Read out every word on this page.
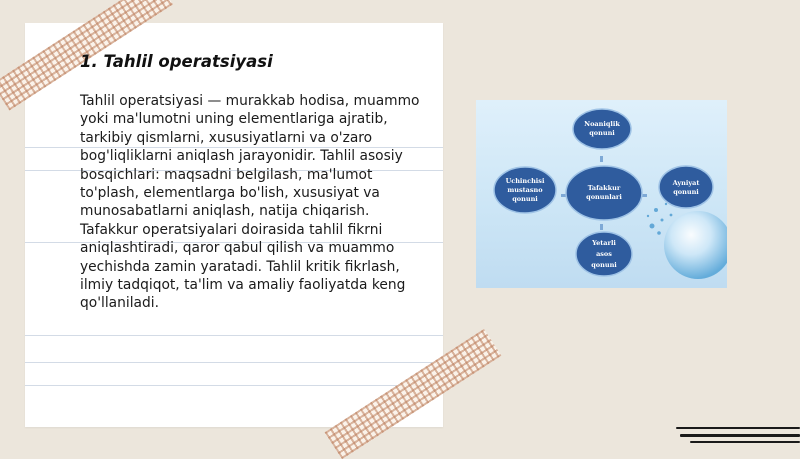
1. Tahlil operatsiyasi

Tahlil operatsiyasi — murakkab hodisa, muammo yoki ma'lumotni uning elementlariga ajratib, tarkibiy qismlarni, xususiyatlarni va o'zaro bog'liqliklarni aniqlash jarayonidir. Tahlil asosiy bosqichlari: maqsadni belgilash, ma'lumot to'plash, elementlarga bo'lish, xususiyat va munosabatlarni aniqlash, natija chiqarish. Tafakkur operatsiyalari doirasida tahlil fikrni aniqlashtiradi, qaror qabul qilish va muammo yechishda zamin yaratadi. Tahlil kritik fikrlash, ilmiy tadqiqot, ta'lim va amaliy faoliyatda keng qo'llaniladi.

Noaniqlik
qonuni
Uchinchisi
mustasno
qonuni
Tafakkur
qonunlari
Ayniyat
qonuni
Yetarli
asos
qonuni
